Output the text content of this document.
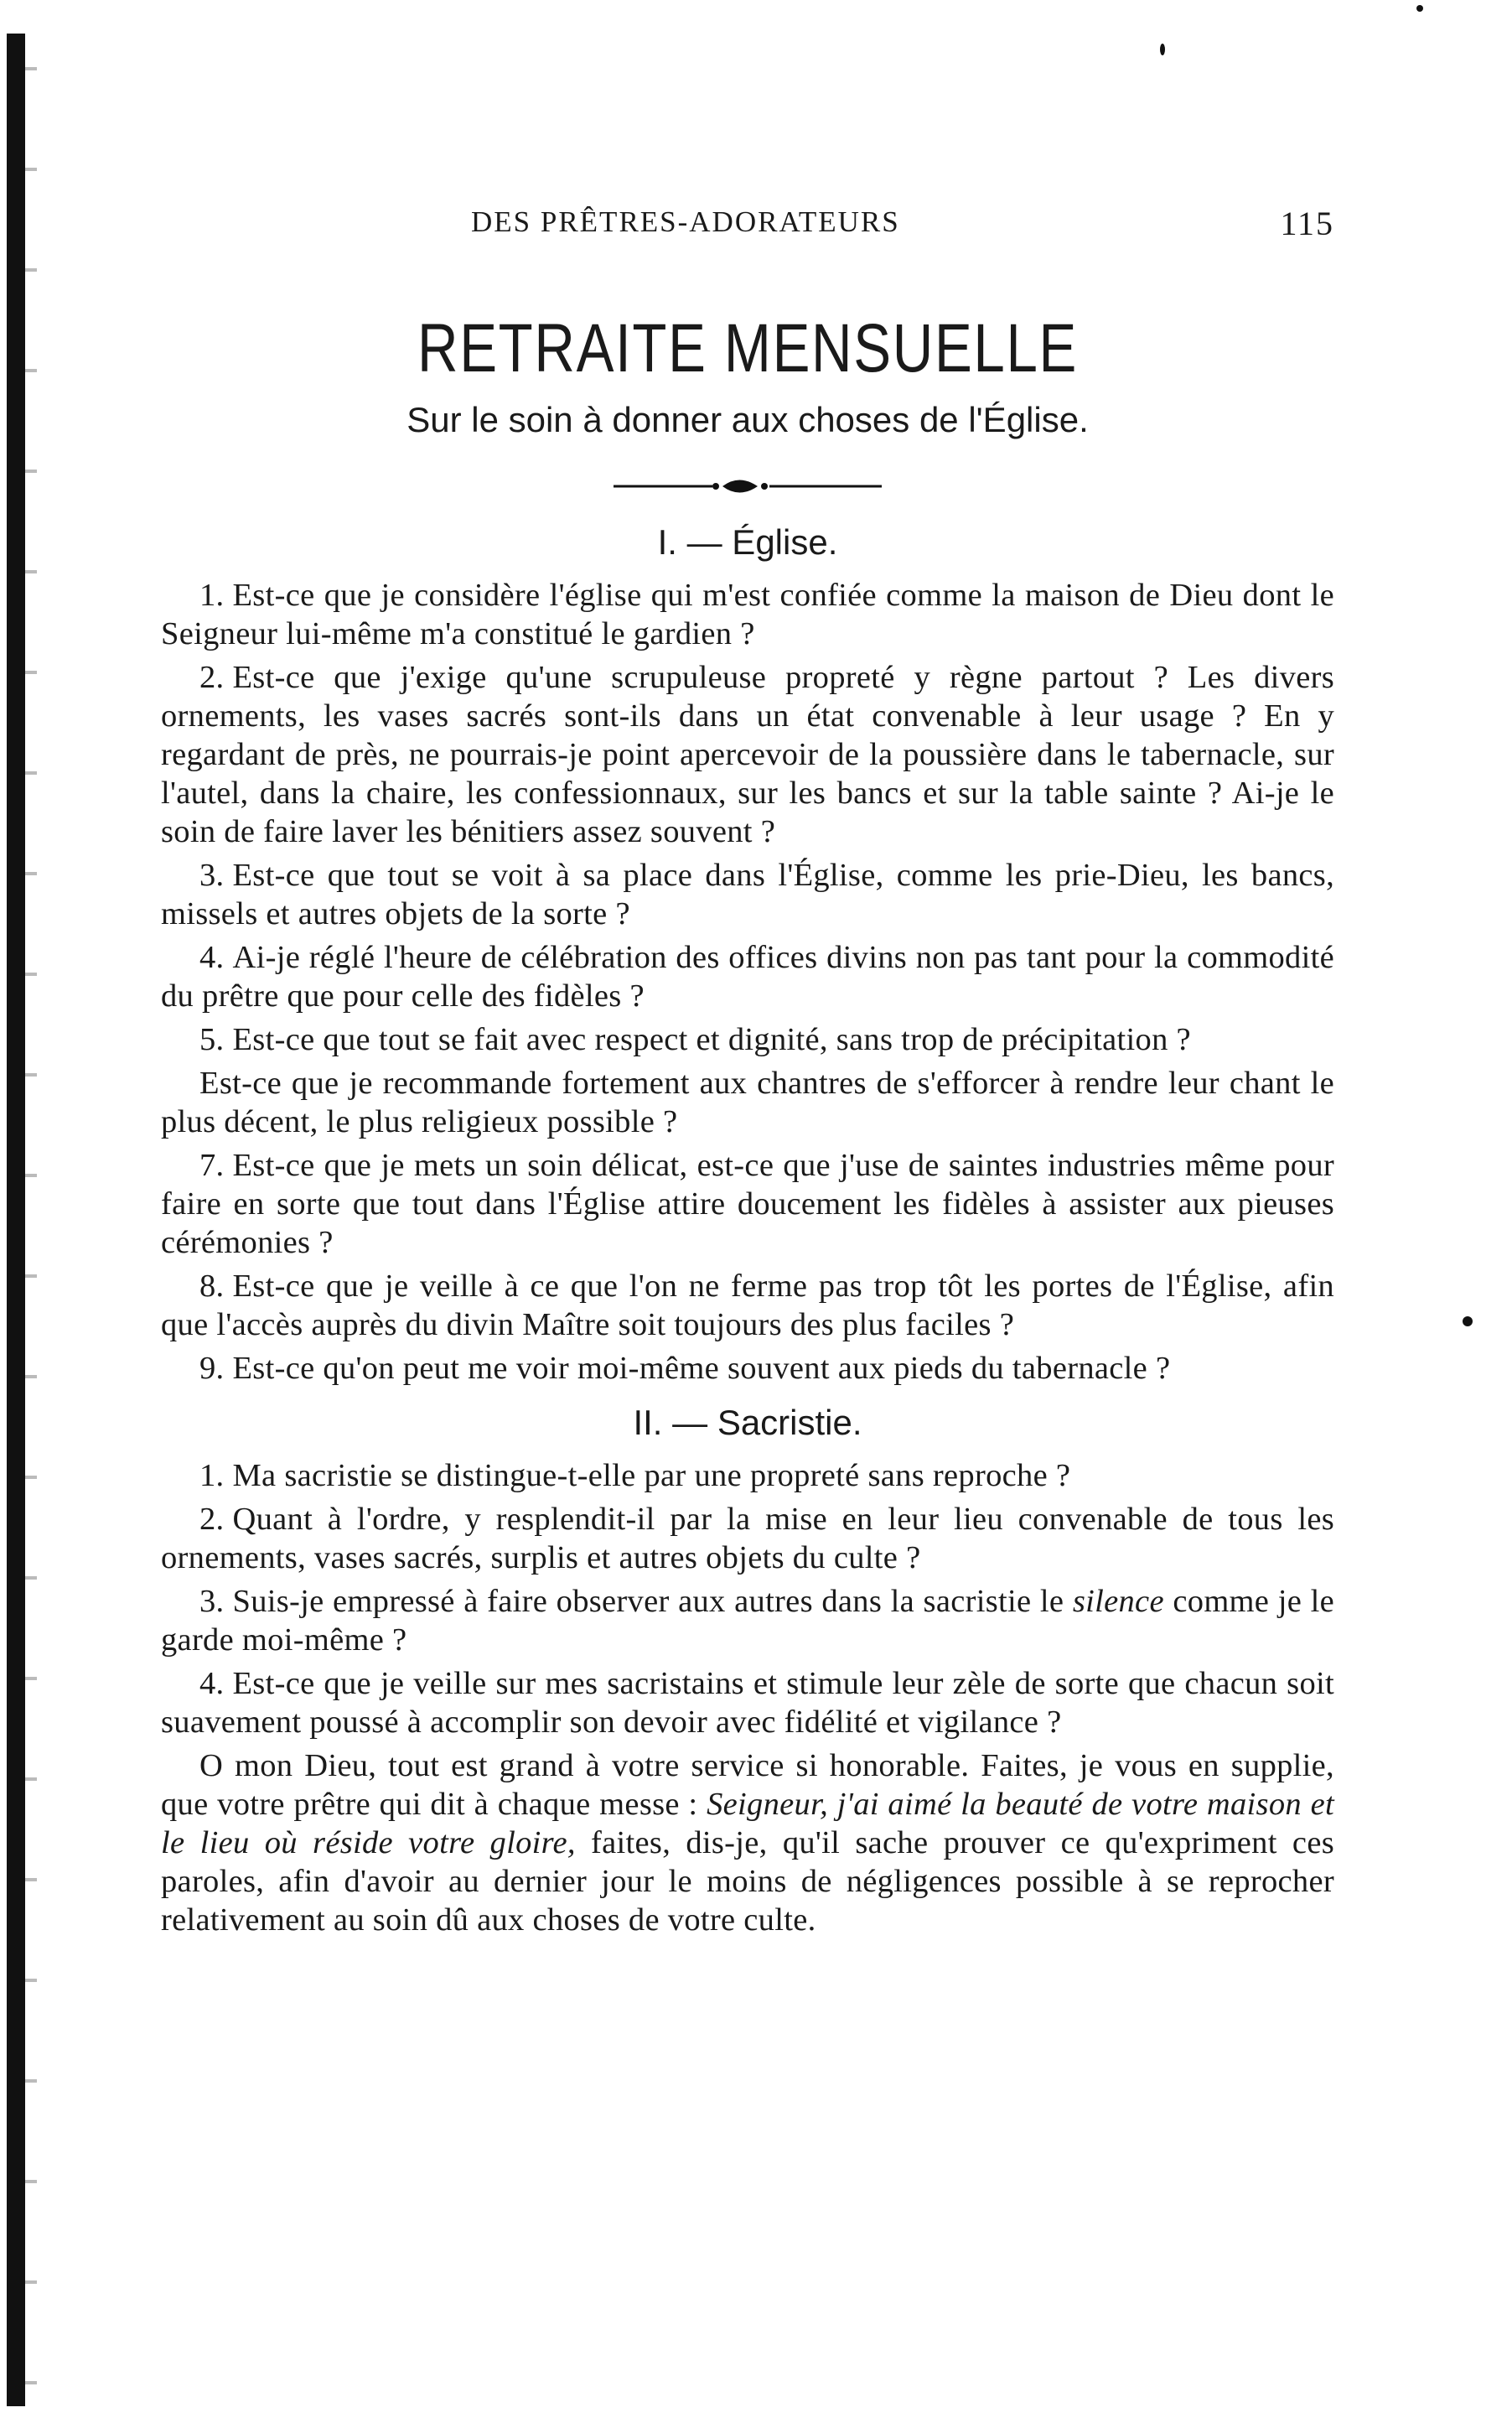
DES PRÊTRES-ADORATEURS	115
RETRAITE MENSUELLE
Sur le soin à donner aux choses de l'Église.
I. — Église.

1. Est-ce que je considère l'église qui m'est confiée comme la maison de Dieu dont le Seigneur lui-même m'a constitué le gardien ?

2. Est-ce que j'exige qu'une scrupuleuse propreté y règne partout ? Les divers ornements, les vases sacrés sont-ils dans un état convenable à leur usage ? En y regardant de près, ne pourrais-je point apercevoir de la poussière dans le tabernacle, sur l'autel, dans la chaire, les confessionnaux, sur les bancs et sur la table sainte ? Ai-je le soin de faire laver les bénitiers assez souvent ?

3. Est-ce que tout se voit à sa place dans l'Église, comme les prie-Dieu, les bancs, missels et autres objets de la sorte ?

4. Ai-je réglé l'heure de célébration des offices divins non pas tant pour la commodité du prêtre que pour celle des fidèles ?

5. Est-ce que tout se fait avec respect et dignité, sans trop de précipitation ?

Est-ce que je recommande fortement aux chantres de s'efforcer à rendre leur chant le plus décent, le plus religieux possible ?

7. Est-ce que je mets un soin délicat, est-ce que j'use de saintes industries même pour faire en sorte que tout dans l'Église attire doucement les fidèles à assister aux pieuses cérémonies ?

8. Est-ce que je veille à ce que l'on ne ferme pas trop tôt les portes de l'Église, afin que l'accès auprès du divin Maître soit toujours des plus faciles ?

9. Est-ce qu'on peut me voir moi-même souvent aux pieds du tabernacle ?

II. — Sacristie.

1. Ma sacristie se distingue-t-elle par une propreté sans reproche ?

2. Quant à l'ordre, y resplendit-il par la mise en leur lieu convenable de tous les ornements, vases sacrés, surplis et autres objets du culte ?

3. Suis-je empressé à faire observer aux autres dans la sacristie le silence comme je le garde moi-même ?

4. Est-ce que je veille sur mes sacristains et stimule leur zèle de sorte que chacun soit suavement poussé à accomplir son devoir avec fidélité et vigilance ?

O mon Dieu, tout est grand à votre service si honorable. Faites, je vous en supplie, que votre prêtre qui dit à chaque messe : Seigneur, j'ai aimé la beauté de votre maison et le lieu où réside votre gloire, faites, dis-je, qu'il sache prouver ce qu'expriment ces paroles, afin d'avoir au dernier jour le moins de négligences possible à se reprocher relativement au soin dû aux choses de votre culte.
